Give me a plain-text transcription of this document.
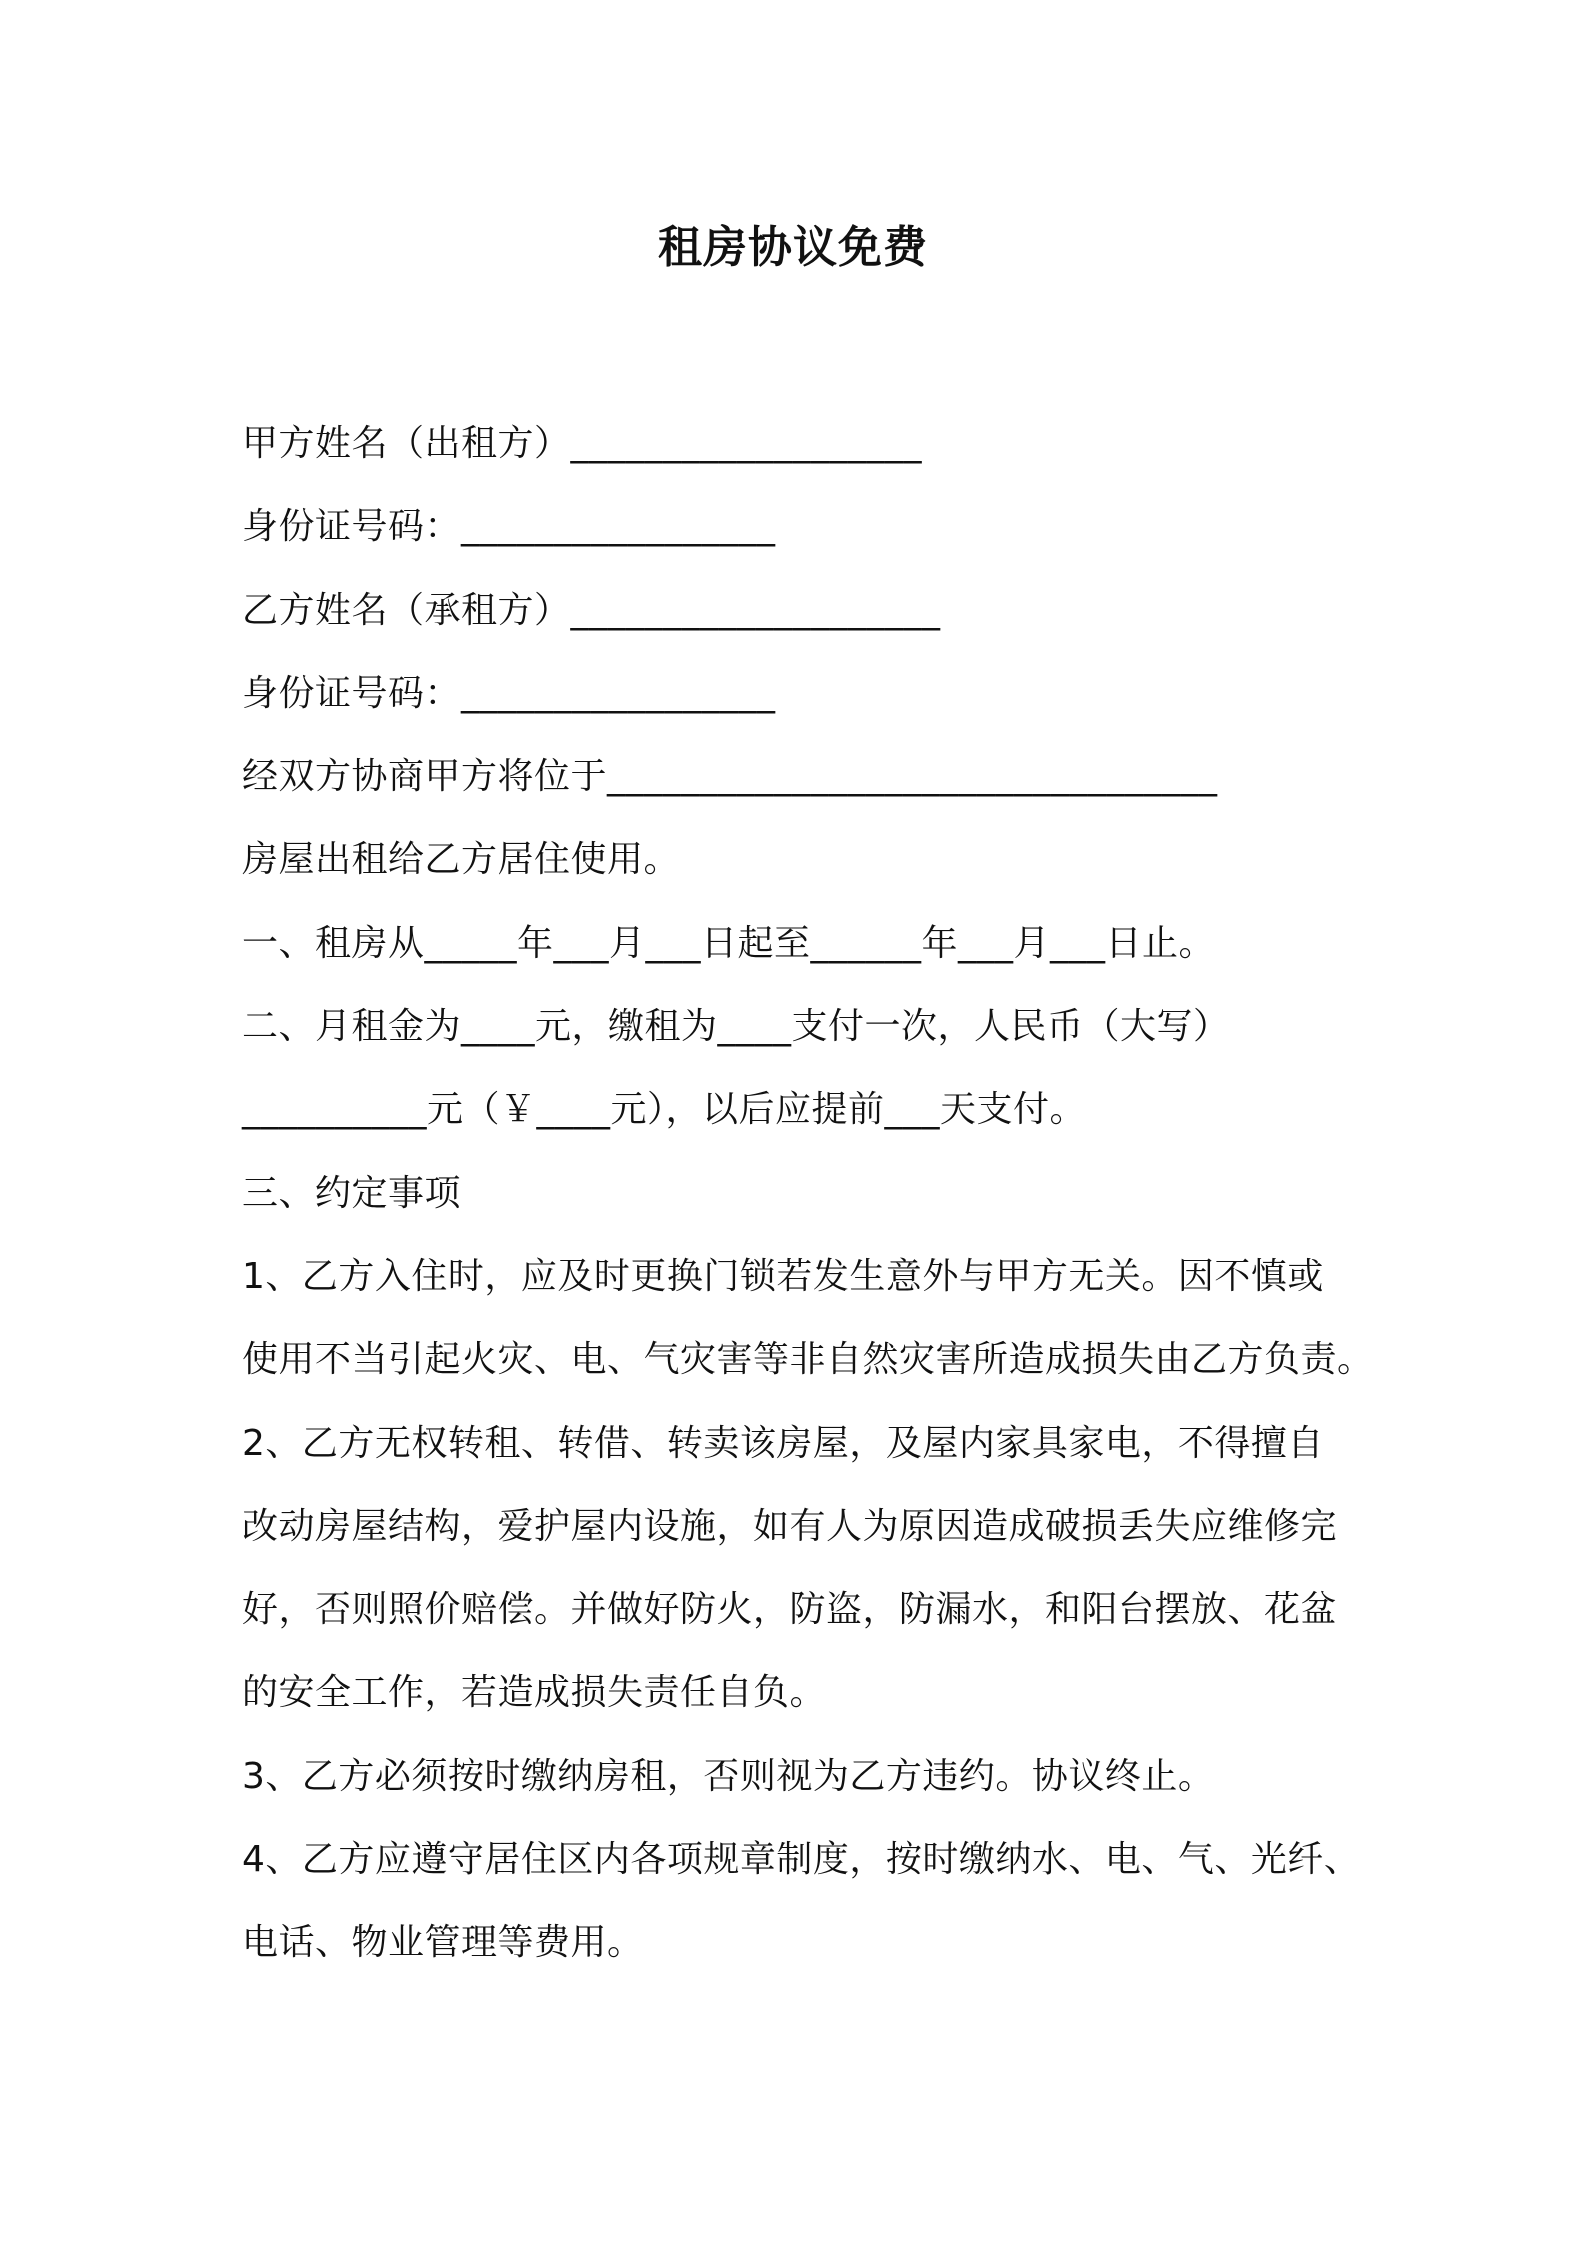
租房协议免费
甲方姓名（出租方）___________________
身份证号码：_________________
乙方姓名（承租方）____________________
身份证号码：_________________
经双方协商甲方将位于_________________________________
房屋出租给乙方居住使用。
一、租房从_____年___月___日起至______年___月___日止。
二、月租金为____元，缴租为____支付一次，人民币（大写）
__________元（￥____元），以后应提前___天支付。
三、约定事项
1、乙方入住时，应及时更换门锁若发生意外与甲方无关。因不慎或
使用不当引起火灾、电、气灾害等非自然灾害所造成损失由乙方负责。
2、乙方无权转租、转借、转卖该房屋，及屋内家具家电，不得擅自
改动房屋结构，爱护屋内设施，如有人为原因造成破损丢失应维修完
好，否则照价赔偿。并做好防火，防盗，防漏水，和阳台摆放、花盆
的安全工作，若造成损失责任自负。
3、乙方必须按时缴纳房租，否则视为乙方违约。协议终止。
4、乙方应遵守居住区内各项规章制度，按时缴纳水、电、气、光纤、
电话、物业管理等费用。
